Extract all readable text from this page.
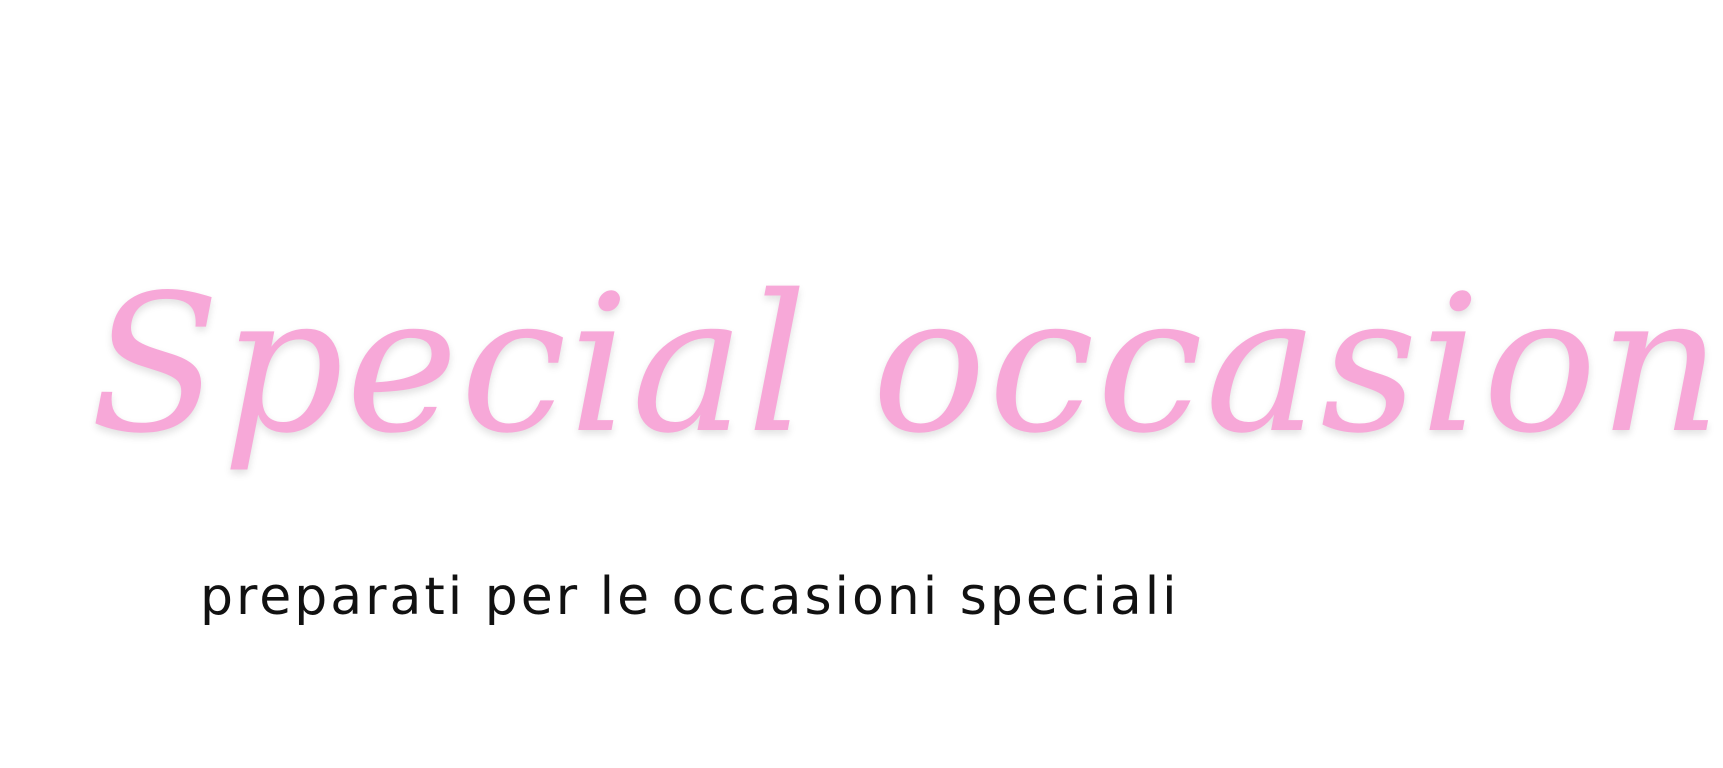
Special occasion
preparati per le occasioni speciali
